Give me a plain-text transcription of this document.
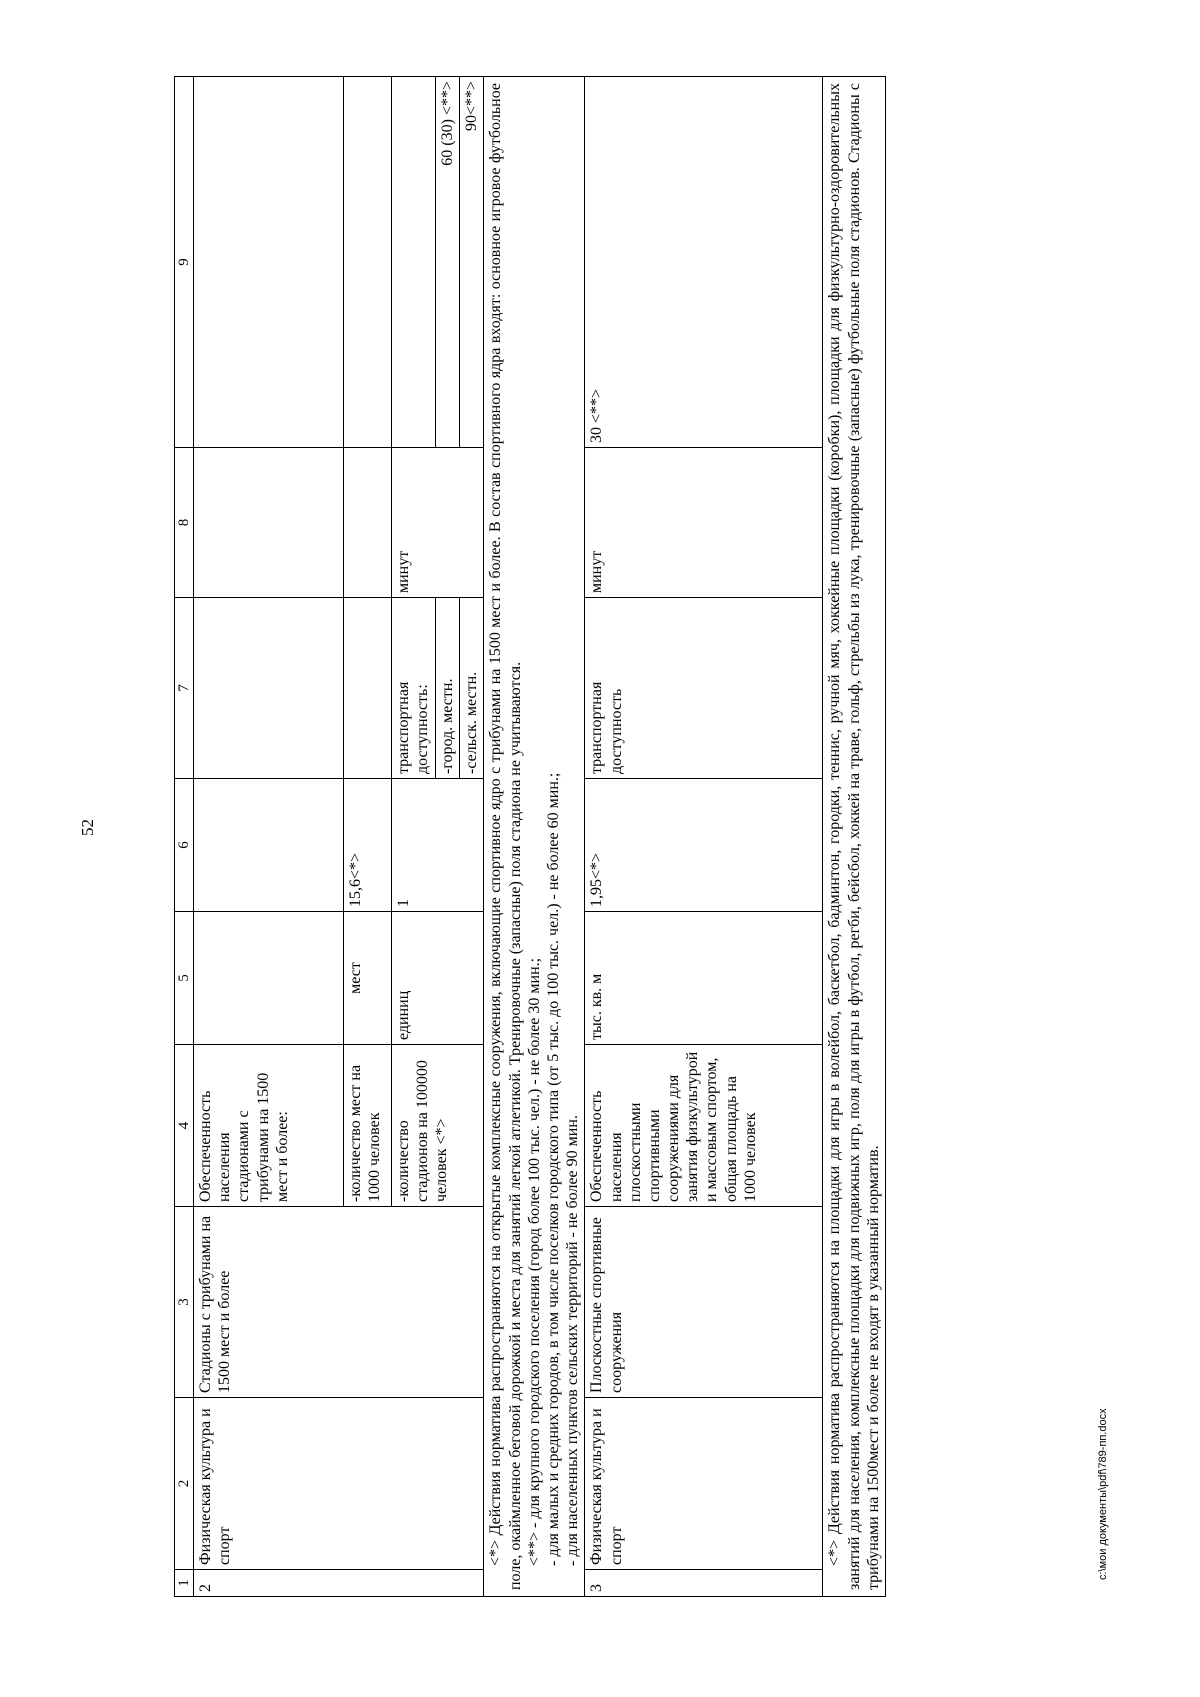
52
c:\мои документы\pdf\789-пп.docx
1	2	3	4	5	6	7	8	9
2	Физическая культура и спорт	Стадионы с трибунами на 1500 мест и более	Обеспеченность населения стадионами с трибунами на 1500 мест и более:					
			-количество мест на 1000 человек	мест	15,6<*>			
			-количество стадионов на 100000 человек <*>	единиц	1	транспортная доступность:	минут	
						-город. местн.		60 (30) <**>
						-сельск. местн.		90<**>

<*> Действия норматива распространяются на открытые комплексные сооружения, включающие спортивное ядро с трибунами на 1500 мест и более. В состав спортивного ядра входят: основное игровое футбольное поле, окаймленное беговой дорожкой и места для занятий легкой атлетикой. Тренировочные (запасные) поля стадиона не учитываются. <**> - для крупного городского поселения (город более 100 тыс. чел.) - не более 30 мин.; - для малых и средних городов, в том числе поселков городского типа (от 5 тыс. до 100 тыс. чел.) - не более 60 мин.; - для населенных пунктов сельских территорий - не более 90 мин.								

3	Физическая культура и спорт	Плоскостные спортивные сооружения	Обеспеченность населения плоскостными спортивными сооружениями для занятия физкультурой и массовым спортом, общая площадь на 1000 человек	тыс. кв. м	1,95<*>	транспортная доступность	минут	30 <**>

<*> Действия норматива распространяются на площадки для игры в волейбол, баскетбол, бадминтон, городки, теннис, ручной мяч, хоккейные площадки (коробки), площадки для физкультурно-оздоровительных занятий для населения, комплексные площадки для подвижных игр, поля для игры в футбол, регби, бейсбол, хоккей на траве, гольф, стрельбы из лука, тренировочные (запасные) футбольные поля стадионов. Стадионы с трибунами на 1500мест и более не входят в указанный норматив.								
